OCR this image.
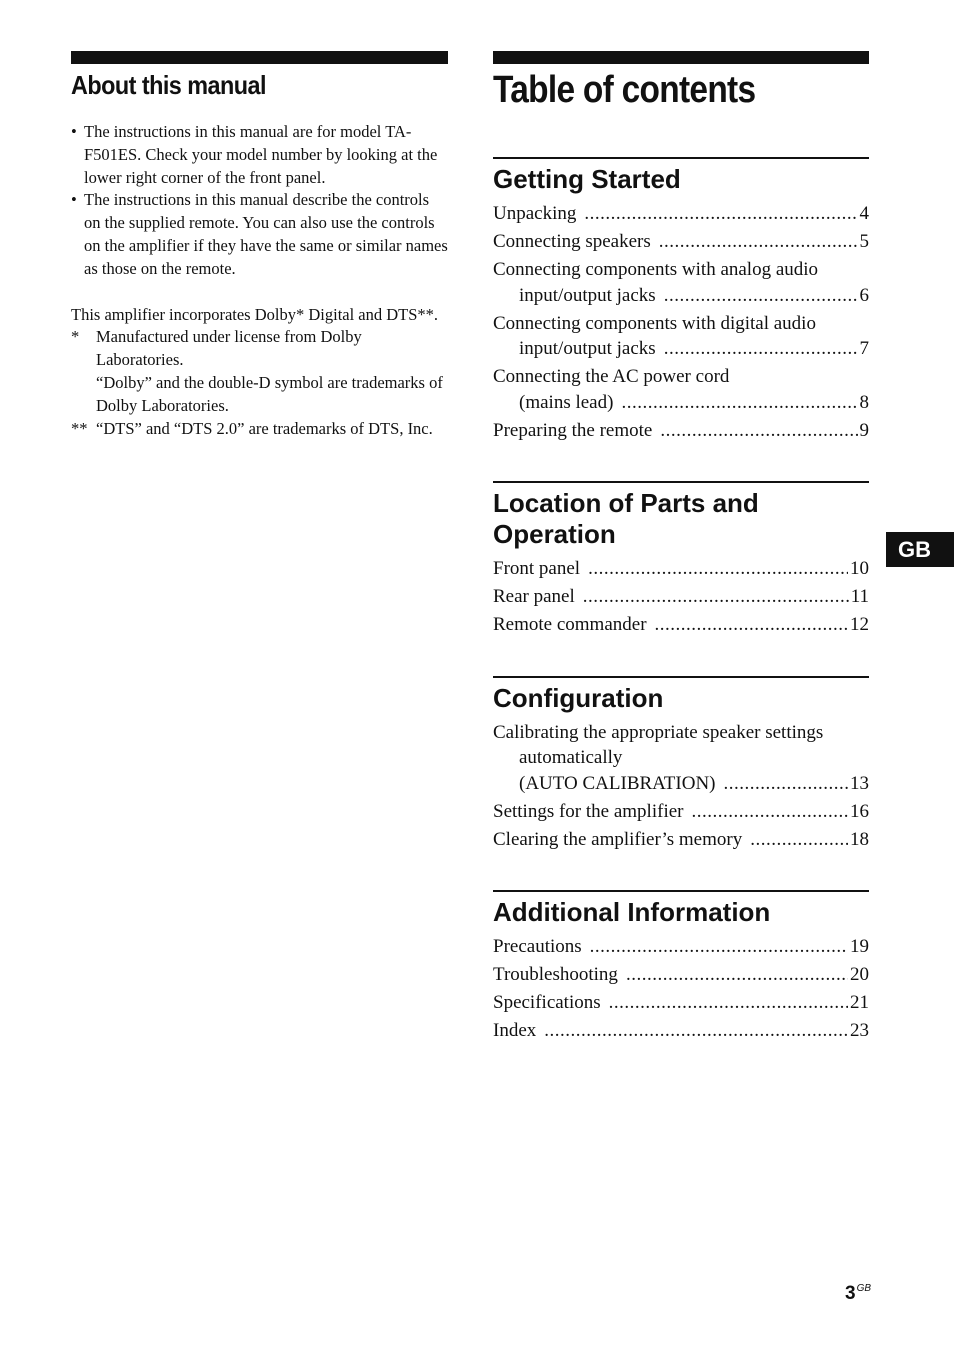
About this manual
• The instructions in this manual are for model TA-F501ES. Check your model number by looking at the lower right corner of the front panel.
• The instructions in this manual describe the controls on the supplied remote. You can also use the controls on the amplifier if they have the same or similar names as those on the remote.
This amplifier incorporates Dolby* Digital and DTS**.
* Manufactured under license from Dolby Laboratories.
“Dolby” and the double-D symbol are trademarks of Dolby Laboratories.
** “DTS” and “DTS 2.0” are trademarks of DTS, Inc.
Table of contents
Getting Started
Unpacking .....	4
Connecting speakers .....	5
Connecting components with analog audio
input/output jacks .....	6
Connecting components with digital audio
input/output jacks .....	7
Connecting the AC power cord
(mains lead) .....	8
Preparing the remote .....	9
Location of Parts and Operation
Front panel .....	10
Rear panel .....	11
Remote commander .....	12
Configuration
Calibrating the appropriate speaker settings
automatically
(AUTO CALIBRATION) .....	13
Settings for the amplifier .....	16
Clearing the amplifier’s memory .....	18
Additional Information
Precautions .....	19
Troubleshooting .....	20
Specifications .....	21
Index .....	23
GB
$3^{GB}$
